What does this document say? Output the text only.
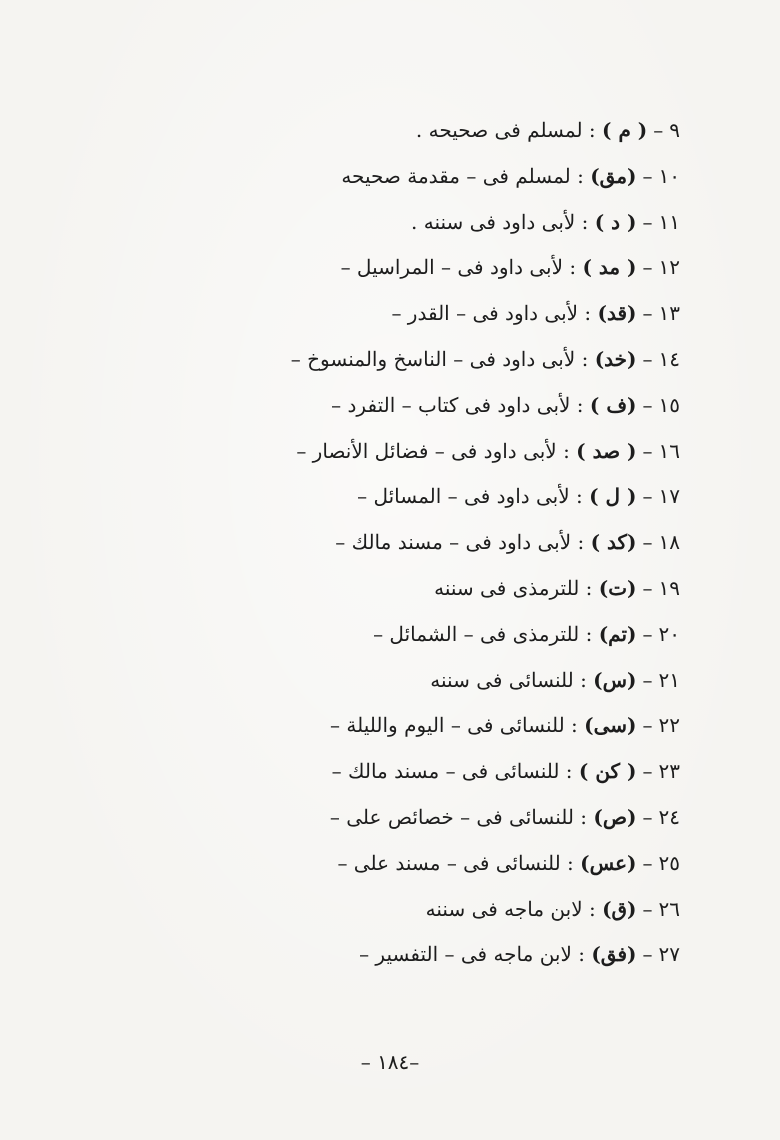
٩–( م ) : لمسلم فى صحيحه .
١٠–(مق) : لمسلم فى – مقدمة صحيحه
١١–( د ) : لأبى داود فى سننه .
١٢–( مد ) : لأبى داود فى – المراسيل –
١٣–(قد) : لأبى داود فى – القدر –
١٤–(خد) : لأبى داود فى – الناسخ والمنسوخ –
١٥–(ف ) : لأبى داود فى كتاب – التفرد –
١٦–( صد ) : لأبى داود فى – فضائل الأنصار –
١٧–( ل ) : لأبى داود فى – المسائل –
١٨–(كد ) : لأبى داود فى – مسند مالك –
١٩–(ت) : للترمذى فى سننه
٢٠–(تم) : للترمذى فى – الشمائل –
٢١–(س) : للنسائى فى سننه
٢٢–(سى) : للنسائى فى – اليوم والليلة –
٢٣–( كن ) : للنسائى فى – مسند مالك –
٢٤–(ص) : للنسائى فى – خصائص على –
٢٥–(عس) : للنسائى فى – مسند على –
٢٦–(ق) : لابن ماجه فى سننه
٢٧–(فق) : لابن ماجه فى – التفسير –
–١٨٤ –
